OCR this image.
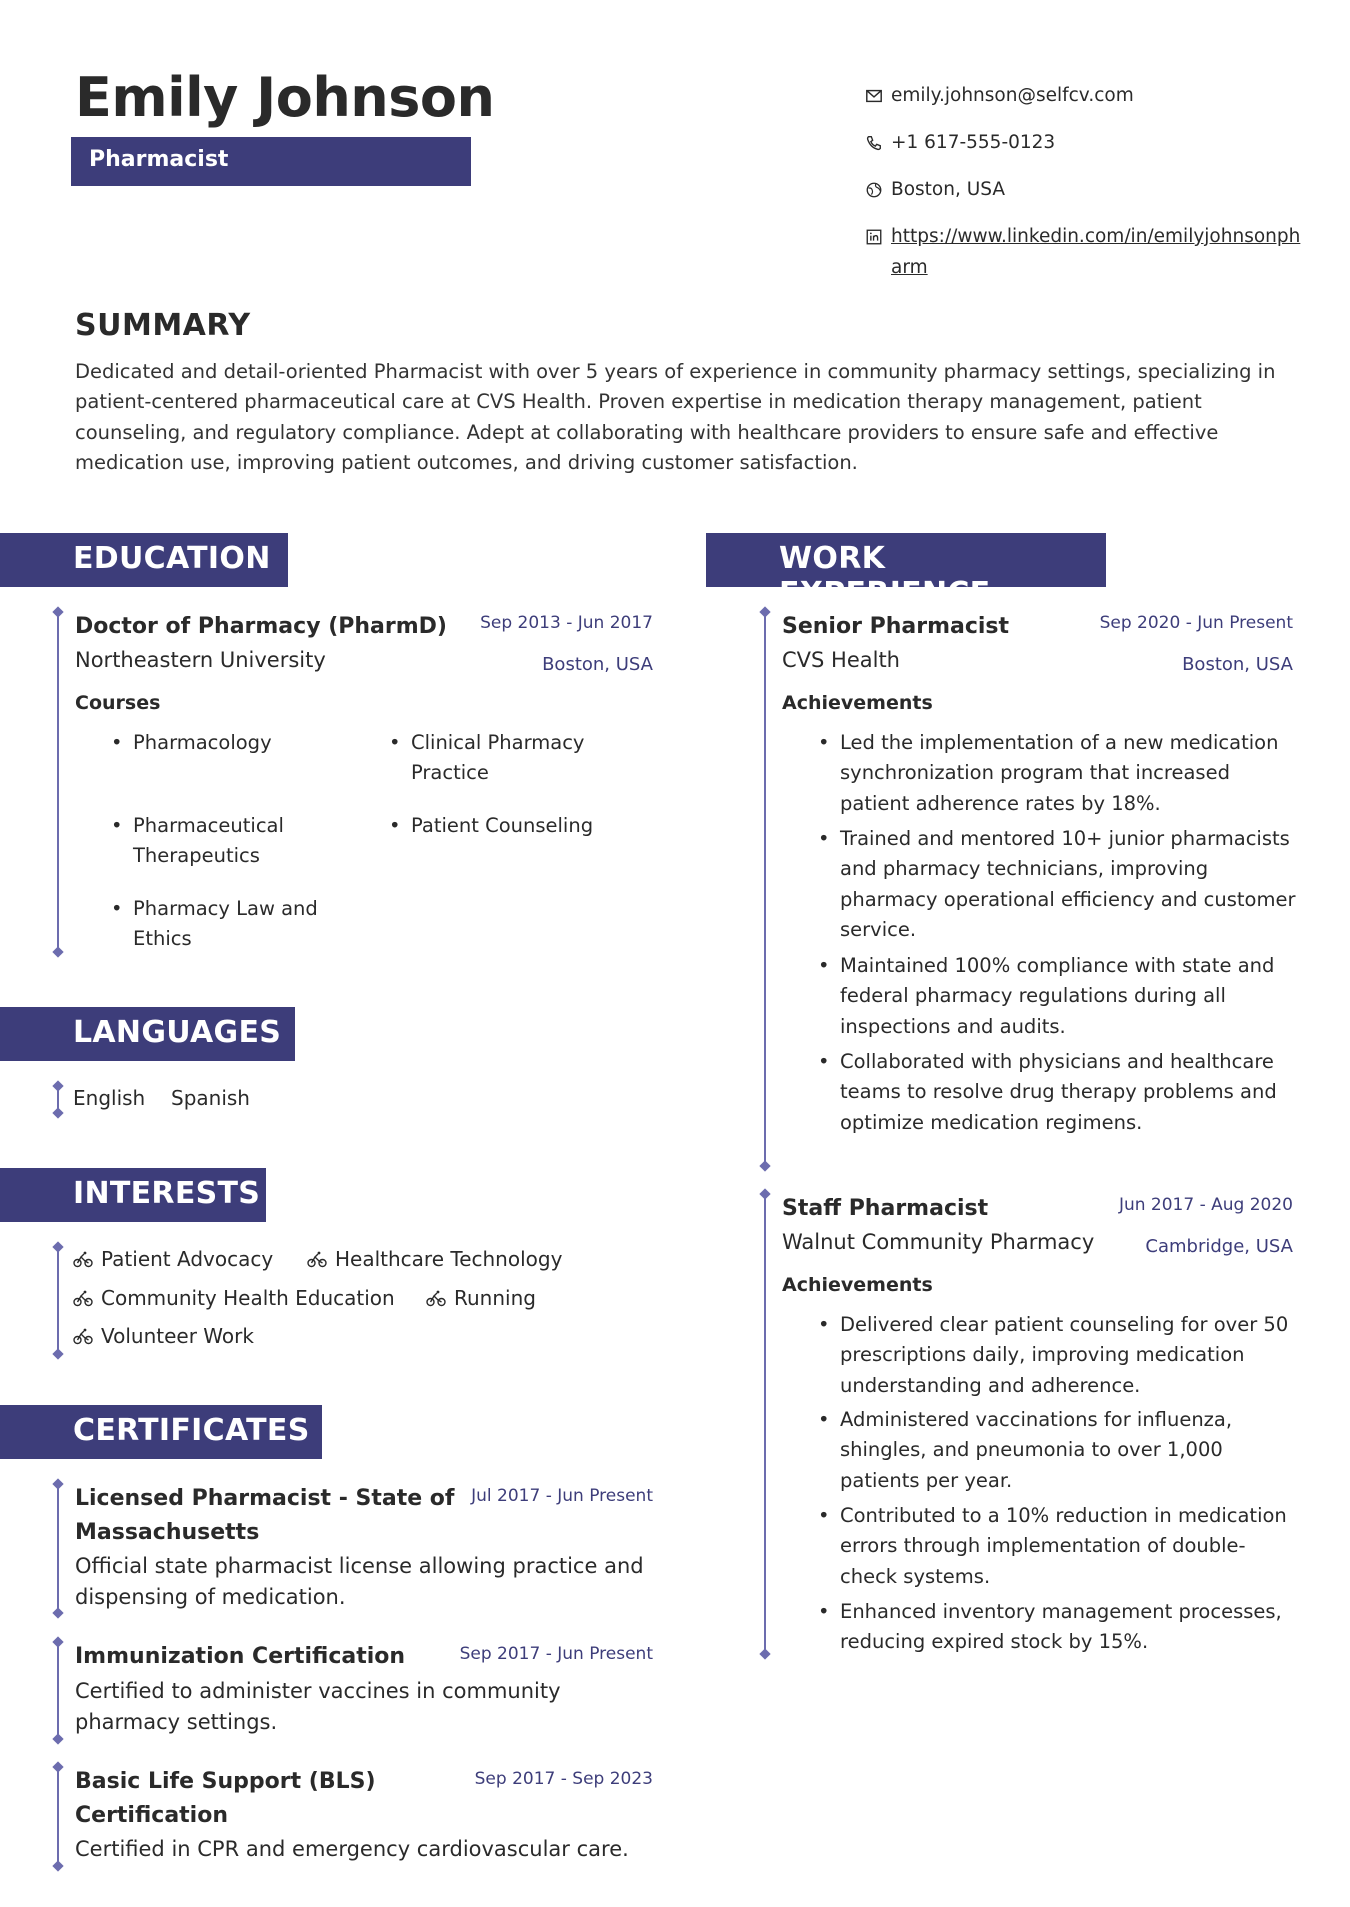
Emily Johnson
Pharmacist
emily.johnson@selfcv.com
+1 617-555-0123
Boston, USA
https://www.linkedin.com/in/emilyjohnsonpharm
SUMMARY
Dedicated and detail-oriented Pharmacist with over 5 years of experience in community pharmacy settings, specializing in patient-centered pharmaceutical care at CVS Health. Proven expertise in medication therapy management, patient counseling, and regulatory compliance. Adept at collaborating with healthcare providers to ensure safe and effective medication use, improving patient outcomes, and driving customer satisfaction.
EDUCATION
Doctor of Pharmacy (PharmD)	Sep 2013 - Jun 2017
Northeastern University	Boston, USA
Courses
• Pharmacology
•	Clinical Pharmacy Practice
• Pharmaceutical Therapeutics
• Patient Counseling
• Pharmacy Law and Ethics
LANGUAGES
English Spanish
INTERESTS
Patient Advocacy	Healthcare Technology
Community Health Education	Running
Volunteer Work
CERTIFICATES
Licensed Pharmacist - State of Massachusetts
Jul 2017 - Jun Present
Official state pharmacist license allowing practice and dispensing of medication.
Immunization Certification	Sep 2017 - Jun Present
Certified to administer vaccines in community pharmacy settings.
Basic Life Support (BLS) Certification
Sep 2017 - Sep 2023
Certified in CPR and emergency cardiovascular care.
WORK EXPERIENCE
Senior Pharmacist	Sep 2020 - Jun Present
CVS Health	Boston, USA
Achievements
• Led the implementation of a new medication synchronization program that increased patient adherence rates by 18%.
• Trained and mentored 10+ junior pharmacists and pharmacy technicians, improving pharmacy operational efficiency and customer service.
• Maintained 100% compliance with state and federal pharmacy regulations during all inspections and audits.
• Collaborated with physicians and healthcare teams to resolve drug therapy problems and optimize medication regimens.
Staff Pharmacist	Jun 2017 - Aug 2020
Walnut Community Pharmacy	Cambridge, USA
Achievements
• Delivered clear patient counseling for over 50 prescriptions daily, improving medication understanding and adherence.
• Administered vaccinations for influenza, shingles, and pneumonia to over 1,000 patients per year.
• Contributed to a 10% reduction in medication errors through implementation of double-check systems.
• Enhanced inventory management processes, reducing expired stock by 15%.
